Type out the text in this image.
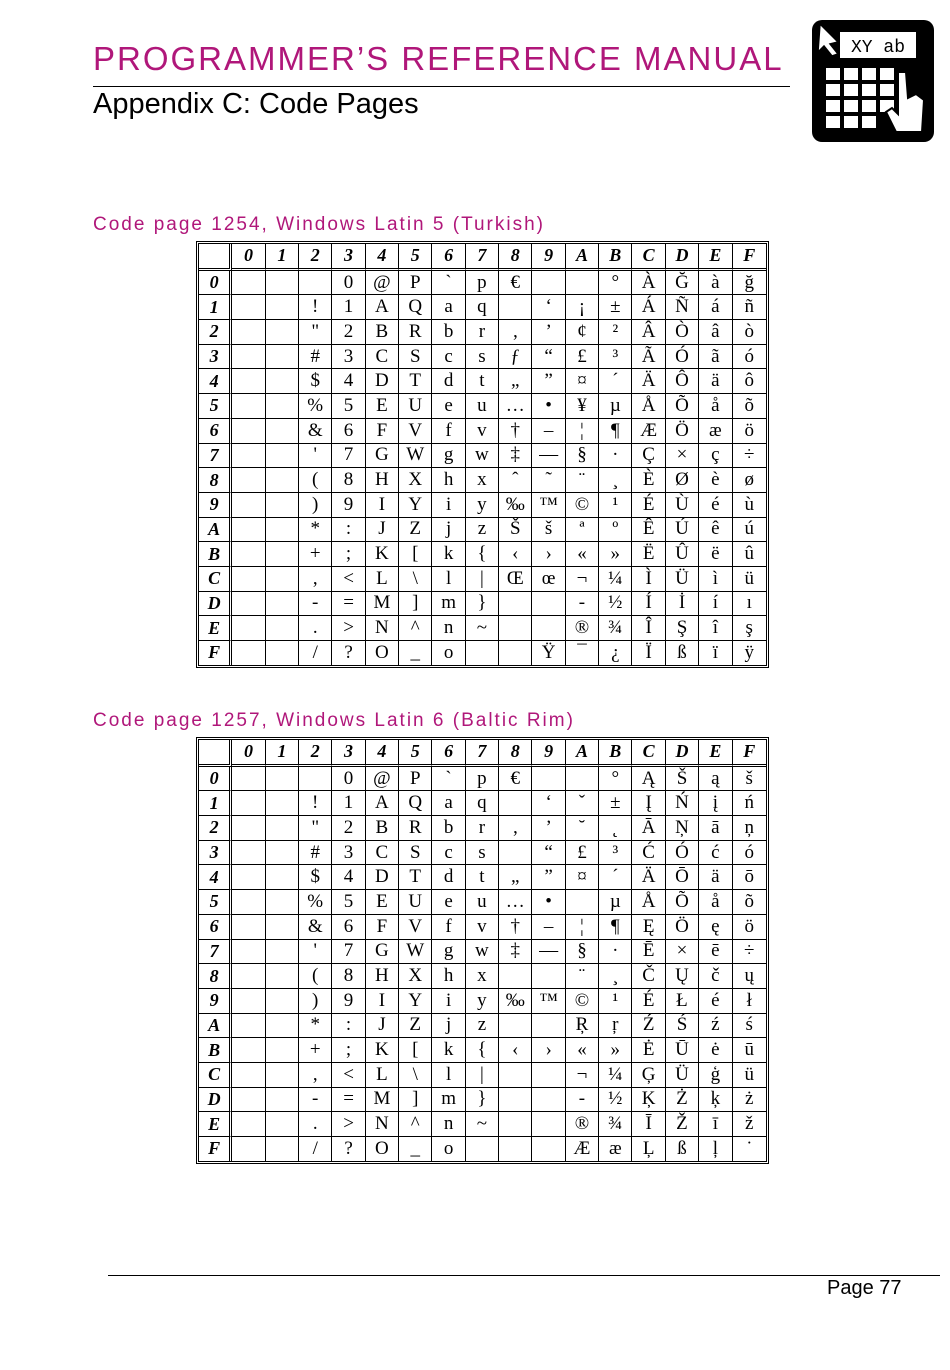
PROGRAMMER’S REFERENCE MANUAL
Appendix C: Code Pages
XY ab
Code page 1254, Windows Latin 5 (Turkish)
	0	1	2	3	4	5	6	7	8	9	A	B	C	D	E	F
0				0	@	P	`	p	€			°	À	Ğ	à	ğ
1			!	1	A	Q	a	q		‘	¡	±	Á	Ñ	á	ñ
2			"	2	B	R	b	r	‚	’	¢	²	Â	Ò	â	ò
3			#	3	C	S	c	s	ƒ	“	£	³	Ã	Ó	ã	ó
4			$	4	D	T	d	t	„	”	¤	´	Ä	Ô	ä	ô
5			%	5	E	U	e	u	…	•	¥	µ	Å	Õ	å	õ
6			&	6	F	V	f	v	†	–	¦	¶	Æ	Ö	æ	ö
7			'	7	G	W	g	w	‡	—	§	·	Ç	×	ç	÷
8			(	8	H	X	h	x	ˆ	˜	¨	¸	È	Ø	è	ø
9			)	9	I	Y	i	y	‰	™	©	¹	É	Ù	é	ù
A			*	:	J	Z	j	z	Š	š	ª	º	Ê	Ú	ê	ú
B			+	;	K	[	k	{	‹	›	«	»	Ë	Û	ë	û
C			,	<	L	\	l	|	Œ	œ	¬	¼	Ì	Ü	ì	ü
D			-	=	M	]	m	}			-	½	Í	İ	í	ı
E			.	>	N	^	n	~			®	¾	Î	Ş	î	ş
F			/	?	O	_	o			Ÿ	¯	¿	Ï	ß	ï	ÿ
Code page 1257, Windows Latin 6 (Baltic Rim)
	0	1	2	3	4	5	6	7	8	9	A	B	C	D	E	F
0				0	@	P	`	p	€			°	Ą	Š	ą	š
1			!	1	A	Q	a	q		‘	ˇ	±	Į	Ń	į	ń
2			"	2	B	R	b	r	‚	’	˘	˛	Ā	Ņ	ā	ņ
3			#	3	C	S	c	s		“	£	³	Ć	Ó	ć	ó
4			$	4	D	T	d	t	„	”	¤	´	Ä	Ō	ä	ō
5			%	5	E	U	e	u	…	•		µ	Å	Õ	å	õ
6			&	6	F	V	f	v	†	–	¦	¶	Ę	Ö	ę	ö
7			'	7	G	W	g	w	‡	—	§	·	Ē	×	ē	÷
8			(	8	H	X	h	x			¨	¸	Č	Ų	č	ų
9			)	9	I	Y	i	y	‰	™	©	¹	É	Ł	é	ł
A			*	:	J	Z	j	z			Ŗ	ŗ	Ź	Ś	ź	ś
B			+	;	K	[	k	{	‹	›	«	»	Ė	Ū	ė	ū
C			,	<	L	\	l	|			¬	¼	Ģ	Ü	ģ	ü
D			-	=	M	]	m	}			-	½	Ķ	Ż	ķ	ż
E			.	>	N	^	n	~			®	¾	Ī	Ž	ī	ž
F			/	?	O	_	o				Æ	æ	Ļ	ß	ļ	˙
Page 77
